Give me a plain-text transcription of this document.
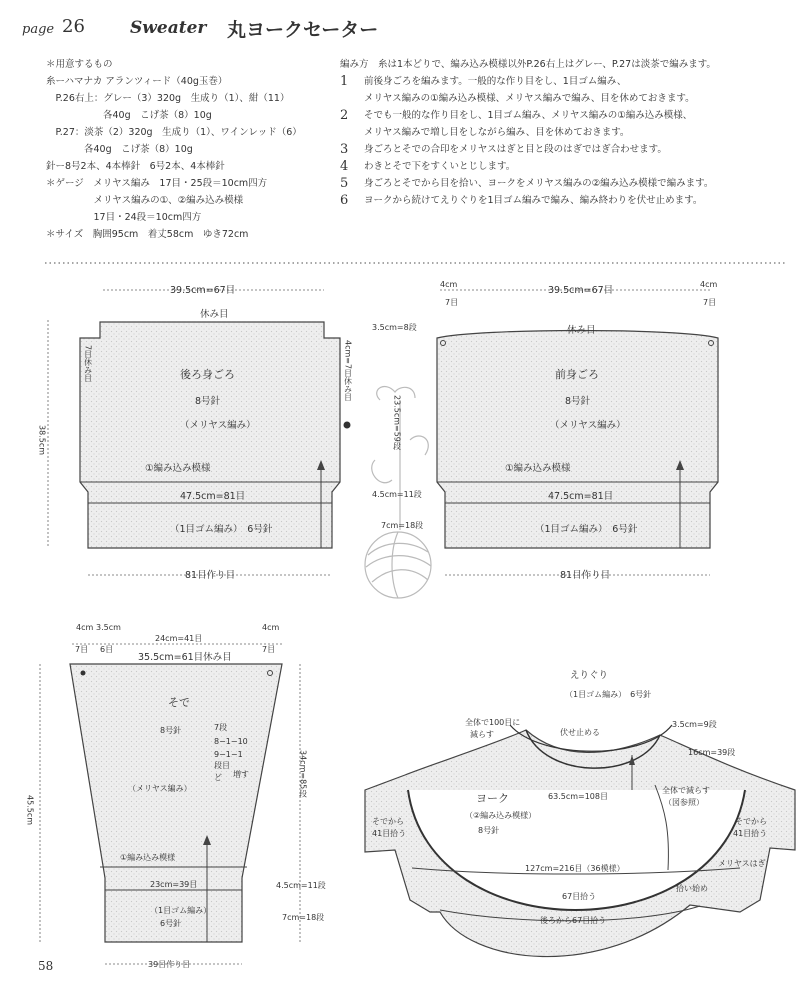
page 26	Sweater 丸ヨークセーター
＊用意するもの
糸ーハマナカ アランツィード（40g玉巻）
　P.26右上：グレー（3）320g　生成り（1）、紺（11）
　　　　　　各40g　こげ茶（8）10g
　P.27：淡茶（2）320g　生成り（1）、ワインレッド（6）
　　　　各40g　こげ茶（8）10g
針ー8号2本、4本棒針　6号2本、4本棒針
＊ゲージ　メリヤス編み　17目・25段＝10cm四方
　　　　　メリヤス編みの①、②編み込み模様
　　　　　17目・24段＝10cm四方
＊サイズ　胸囲95cm　着丈58cm　ゆき72cm
編み方　糸は1本どりで、編み込み模様以外P.26右上はグレー、P.27は淡茶で編みます。
1	前後身ごろを編みます。一般的な作り目をし、1目ゴム編み、
メリヤス編みの①編み込み模様、メリヤス編みで編み、目を休めておきます。
2	そでも一般的な作り目をし、1目ゴム編み、メリヤス編みの①編み込み模様、
メリヤス編みで増し目をしながら編み、目を休めておきます。
3	身ごろとそでの合印をメリヤスはぎと目と段のはぎではぎ合わせます。
4	わきとそで下をすくいとじします。
5	身ごろとそでから目を拾い、ヨークをメリヤス編みの②編み込み模様で編みます。
6	ヨークから続けてえりぐりを1目ゴム編みで編み、編み終わりを伏せ止めます。
39.5cm=67目
休み目
後ろ身ごろ
8号針
（メリヤス編み）
①編み込み模様
47.5cm=81目
（1目ゴム編み）　6号針
81目作り目
7目休み目	4cm=7目休み目
38.5cm
4cm
7目
39.5cm=67目
4cm
7目
休み目
前身ごろ
8号針
（メリヤス編み）
①編み込み模様
47.5cm=81目
（1目ゴム編み）　6号針
81目作り目
3.5cm=8段
23.5cm=59段
4.5cm=11段
7cm=18段
4cm 3.5cm
24cm=41目
4cm
7目 6目	7目
35.5cm=61目休み目
そで
8号針	7段
8−1−10
9−1−1
段目
増す
ど
（メリヤス編み）
①編み込み模様
23cm=39目
（1目ゴム編み）
6号針
39目作り目
45.5cm
34cm=85段
4.5cm=11段
7cm=18段
えりぐり
（1目ゴム編み）　6号針
全体で100目に
減らす	伏せ止める
3.5cm=9段
16cm=39段
ヨーク
（②編み込み模様）
8号針
63.5cm=108目
全体で減らす
（図参照）
そでから
41目拾う
そでから
41目拾う
127cm=216目（36模様）
メリヤスはぎ
67目拾う
拾い始め
後ろから67目拾う
58
